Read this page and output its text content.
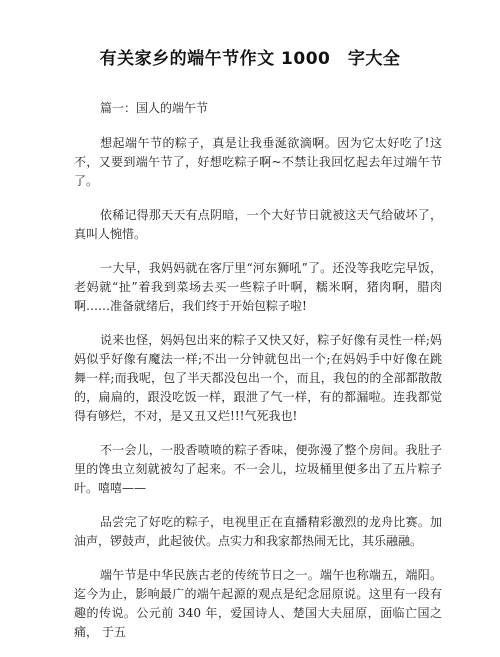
有关家乡的端午节作文 1000　字大全

篇一：国人的端午节

想起端午节的粽子，真是让我垂涎欲滴啊。因为它太好吃了!这不，又要到端午节了，好想吃粽子啊~不禁让我回忆起去年过端午节了。

依稀记得那天天有点阴暗，一个大好节日就被这天气给破坏了，真叫人惋惜。

一大早，我妈妈就在客厅里“河东狮吼”了。还没等我吃完早饭，老妈就“扯”着我到菜场去买一些粽子叶啊，糯米啊，猪肉啊，腊肉啊……准备就绪后，我们终于开始包粽子啦!

说来也怪，妈妈包出来的粽子又快又好，粽子好像有灵性一样;妈妈似乎好像有魔法一样;不出一分钟就包出一个;在妈妈手中好像在跳舞一样;而我呢，包了半天都没包出一个，而且，我包的的全部都散散的，扁扁的，跟没吃饭一样，跟泄了气一样，有的都漏啦。连我都觉得有够烂，不对，是又丑又烂!!!气死我也!

不一会儿，一股香喷喷的粽子香味，便弥漫了整个房间。我肚子里的馋虫立刻就被勾了起来。不一会儿，垃圾桶里便多出了五片粽子叶。嘻嘻——

品尝完了好吃的粽子，电视里正在直播精彩激烈的龙舟比赛。加油声，锣鼓声，此起彼伏。点实力和我家都热闹无比，其乐融融。

端午节是中华民族古老的传统节日之一。端午也称端五，端阳。 迄今为止，影响最广的端午起源的观点是纪念屈原说。这里有一段有 趣的传说。公元前 340 年，爱国诗人、楚国大夫屈原，面临亡国之痛， 于五
